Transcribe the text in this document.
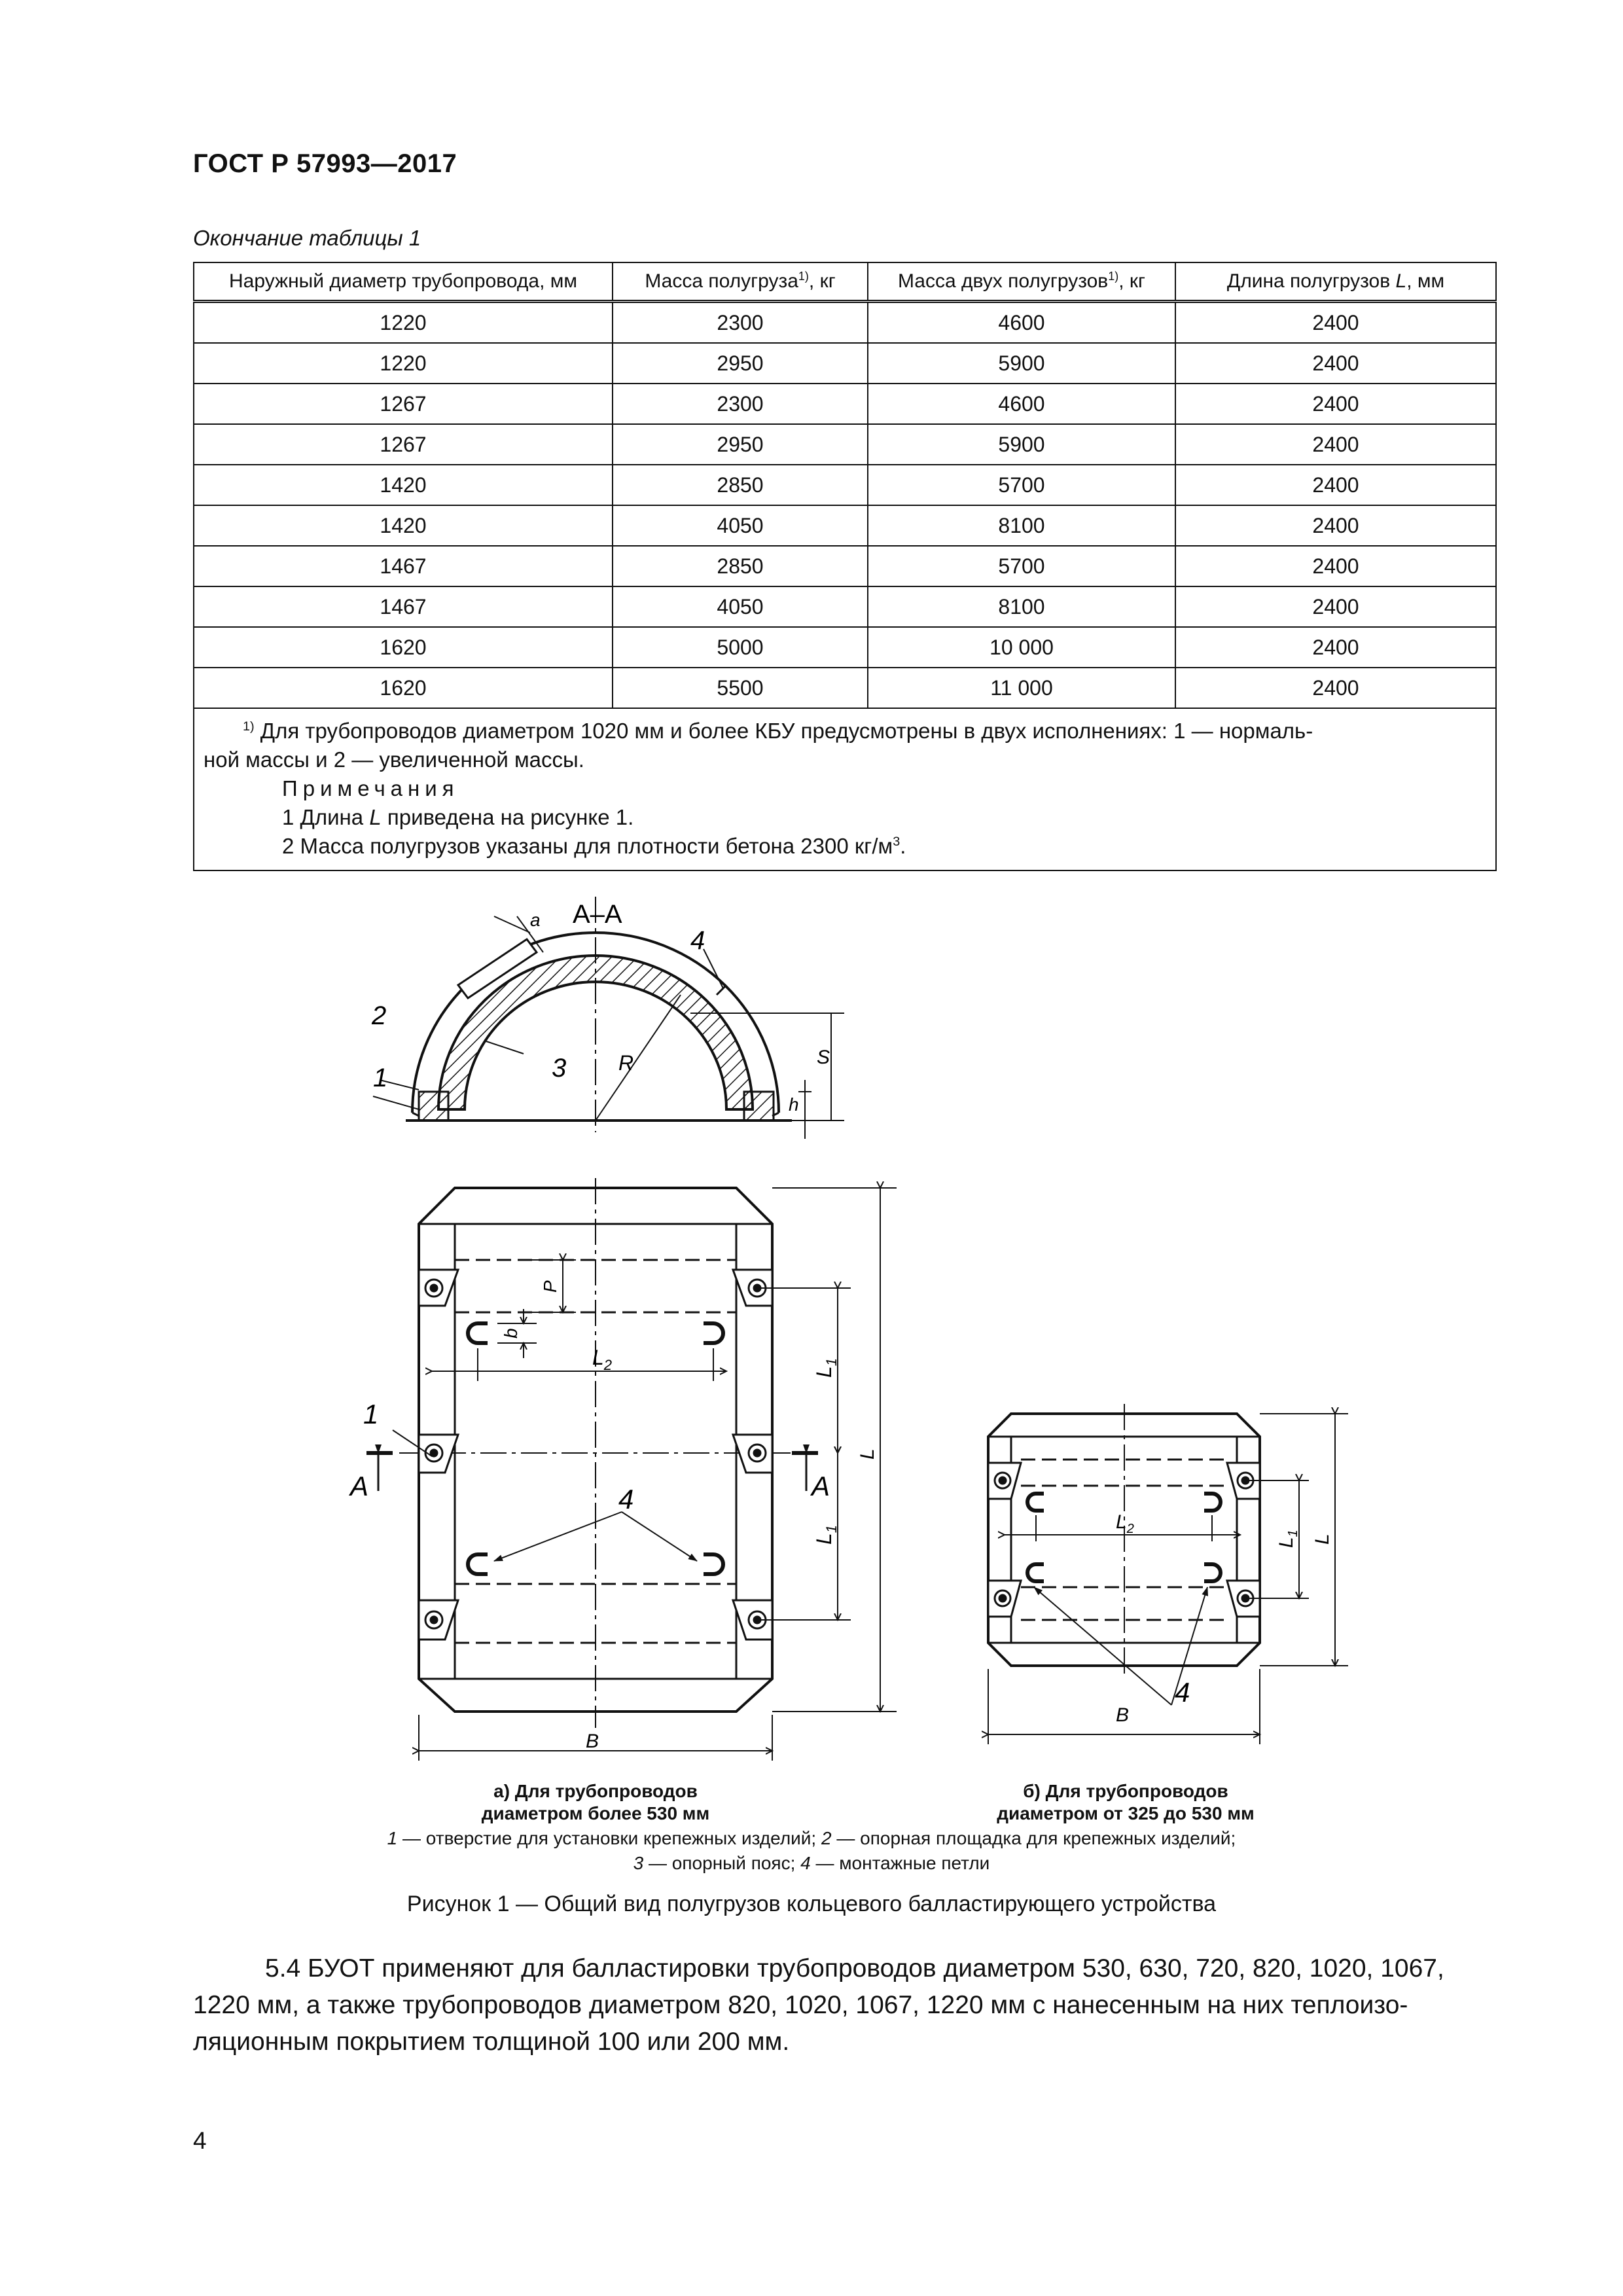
ГОСТ Р 57993—2017
Окончание таблицы 1
Наружный диаметр трубопровода, мм	Масса полугруза$^{1)}$, кг	Масса двух полугрузов$^{1)}$, кг	Длина полугрузов L, мм
1220	2300	4600	2400
1220	2950	5900	2400
1267	2300	4600	2400
1267	2950	5900	2400
1420	2850	5700	2400
1420	4050	8100	2400
1467	2850	5700	2400
1467	4050	8100	2400
1620	5000	10 000	2400
1620	5500	11 000	2400

$^{1)}$ Для трубопроводов диаметром 1020 мм и более КБУ предусмотрены в двух исполнениях: 1 — нормаль-
ной массы и 2 — увеличенной массы.
Примечания
1 Длина L приведена на рисунке 1.
2 Масса полугрузов указаны для плотности бетона 2300 $кг/м^3$.			
А–А
a
R	S
h
2
1	3
4
A	A
1
4
B
L
$L_1$
$L_1$
$L_2$
P
b
L
$L_1$
$L_2$
B
4
а) Для трубопроводов
диаметром более 530 мм
б) Для трубопроводов
диаметром от 325 до 530 мм
1 — отверстие для установки крепежных изделий; 2 — опорная площадка для крепежных изделий;
3 — опорный пояс; 4 — монтажные петли
Рисунок 1 — Общий вид полугрузов кольцевого балластирующего устройства
5.4 БУОТ применяют для балластировки трубопроводов диаметром 530, 630, 720, 820, 1020, 1067,
1220 мм, а также трубопроводов диаметром 820, 1020, 1067, 1220 мм с нанесенным на них теплоизо-
ляционным покрытием толщиной 100 или 200 мм.
4
